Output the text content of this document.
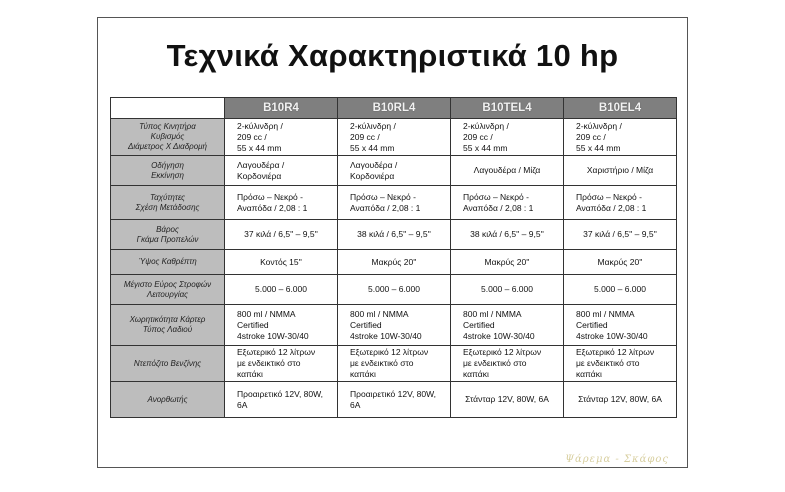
Τεχνικά Χαρακτηριστικά 10 hp
	B10R4	B10RL4	B10TEL4	B10EL4

Τύπος Κινητήρα
Κυβισμός
Διάμετρος Χ Διαδρομή	2-κύλινδρη /
209 cc /
55 x 44 mm	2-κύλινδρη /
209 cc /
55 x 44 mm	2-κύλινδρη /
209 cc /
55 x 44 mm	2-κύλινδρη /
209 cc /
55 x 44 mm

Οδήγηση
Εκκίνηση	Λαγουδέρα /
Κορδονιέρα	Λαγουδέρα /
Κορδονιέρα	Λαγουδέρα / Μίζα	Χαριστήριο / Μίζα

Ταχύτητες
Σχέση Μετάδοσης	Πρόσω – Νεκρό -
Αναπόδα / 2,08 : 1	Πρόσω – Νεκρό -
Αναπόδα / 2,08 : 1	Πρόσω – Νεκρό -
Αναπόδα / 2,08 : 1	Πρόσω – Νεκρό -
Αναπόδα / 2,08 : 1

Βάρος
Γκάμα Προπελών	37 κιλά / 6,5'' – 9,5''	38 κιλά / 6,5'' – 9,5''	38 κιλά / 6,5'' – 9,5''	37 κιλά / 6,5'' – 9,5''

Ύψος Καθρέπτη	Κοντός 15''	Μακρύς 20''	Μακρύς 20''	Μακρύς 20''

Μέγιστο Εύρος Στροφών
Λειτουργίας	5.000 – 6.000	5.000 – 6.000	5.000 – 6.000	5.000 – 6.000

Χωρητικότητα Κάρτερ
Τύπος Λαδιού	800 ml / NMMA
Certified
4stroke 10W-30/40	800 ml / NMMA
Certified
4stroke 10W-30/40	800 ml / NMMA
Certified
4stroke 10W-30/40	800 ml / NMMA
Certified
4stroke 10W-30/40

Ντεπόζιτο Βενζίνης	Εξωτερικό 12 λίτρων
με ενδεικτικό στο
καπάκι	Εξωτερικό 12 λίτρων
με ενδεικτικό στο
καπάκι	Εξωτερικό 12 λίτρων
με ενδεικτικό στο
καπάκι	Εξωτερικό 12 λίτρων
με ενδεικτικό στο
καπάκι

Ανορθωτής	Προαιρετικό 12V, 80W,
6A	Προαιρετικό 12V, 80W,
6A	Στάνταρ 12V, 80W, 6A	Στάνταρ 12V, 80W, 6A
Ψάρεμα - Σκάφος
